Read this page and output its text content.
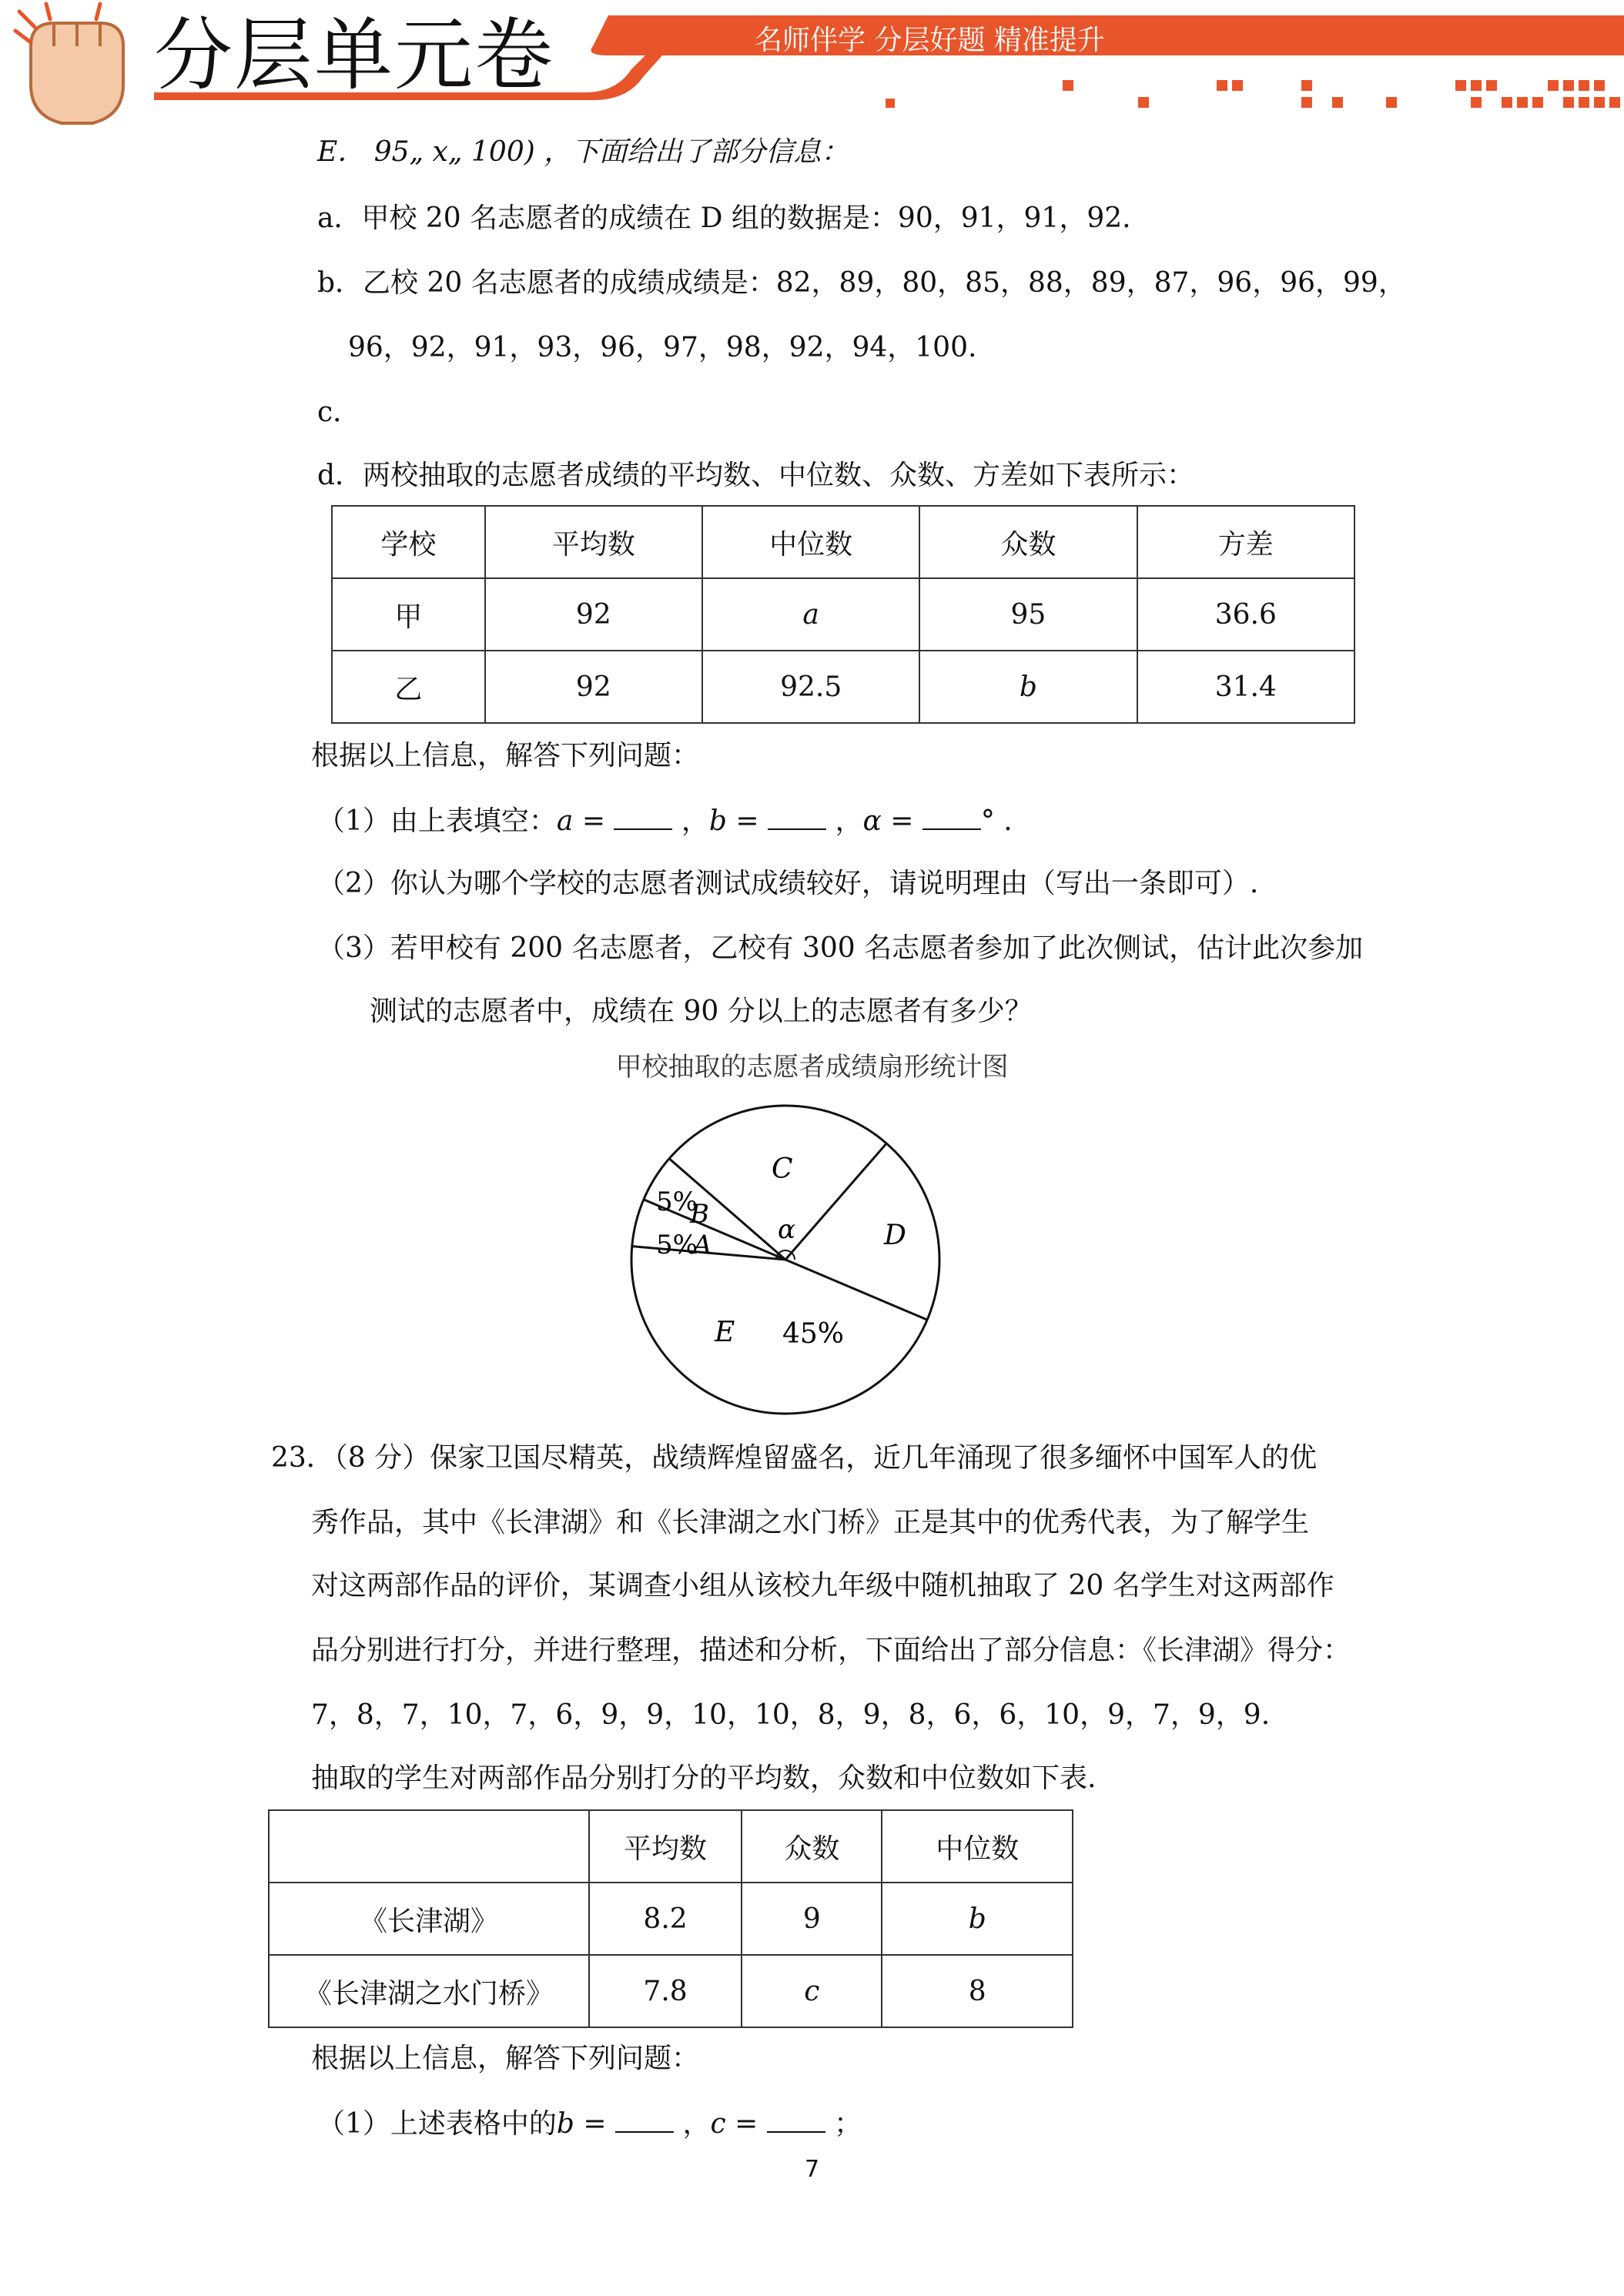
分层单元卷	名师伴学 分层好题 精准提升
E． 95„ x„ 100) ，下面给出了部分信息：
a．甲校 20 名志愿者的成绩在 D 组的数据是：90，91，91，92.
b．乙校 20 名志愿者的成绩成绩是：82，89，80，85，88，89，87，96，96，99，
96，92，91，93，96，97，98，92，94，100.
c．
d．两校抽取的志愿者成绩的平均数、中位数、众数、方差如下表所示：
学校	平均数	中位数	众数	方差
甲	92	a	95	36.6
乙	92	92.5	b	31.4
根据以上信息，解答下列问题：
（1）由上表填空：a =  ，b =  ，α = ° .
（2）你认为哪个学校的志愿者测试成绩较好，请说明理由（写出一条即可）.
（3）若甲校有 200 名志愿者，乙校有 300 名志愿者参加了此次侧试，估计此次参加
测试的志愿者中，成绩在 90 分以上的志愿者有多少？
甲校抽取的志愿者成绩扇形统计图
5%
B
5%
A
C
D
α
E 45%
23．（8 分）保家卫国尽精英，战绩辉煌留盛名，近几年涌现了很多缅怀中国军人的优
秀作品，其中《长津湖》和《长津湖之水门桥》正是其中的优秀代表，为了解学生
对这两部作品的评价，某调查小组从该校九年级中随机抽取了 20 名学生对这两部作
品分别进行打分，并进行整理，描述和分析，下面给出了部分信息：《长津湖》得分：
7，8，7，10，7，6，9，9，10，10，8，9，8，6，6，10，9，7，9，9.
抽取的学生对两部作品分别打分的平均数，众数和中位数如下表.
	平均数	众数	中位数
《长津湖》	8.2	9	b
《长津湖之水门桥》	7.8	c	8
根据以上信息，解答下列问题：
（1）上述表格中的b =  ，c =  ；
7
